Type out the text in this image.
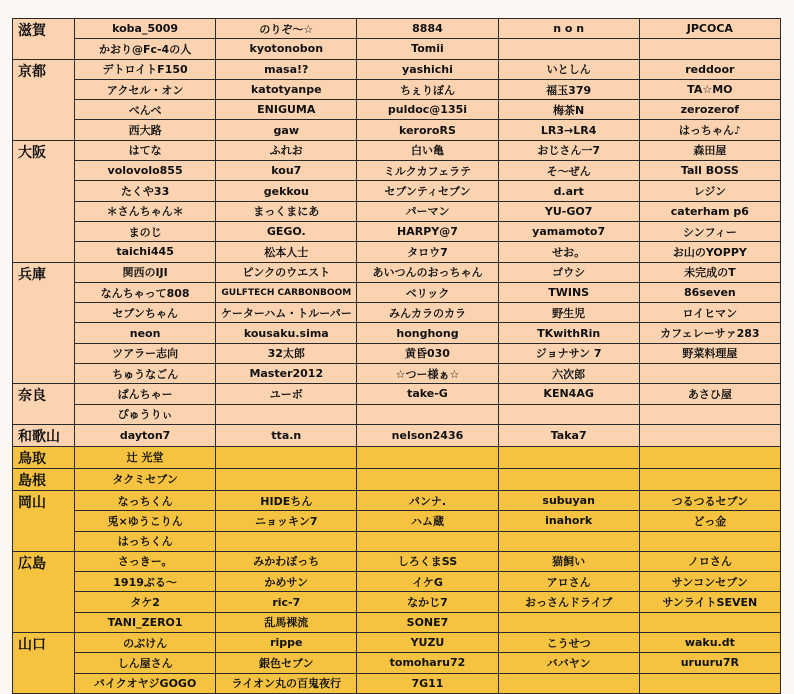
滋賀	koba_5009	のりぞ～☆	8884	n o n	JPCOCA
	かおり@Fc-4の人	kyotonobon	Tomii		
京都	デトロイトF150	masa!?	yashichi	いとしん	reddoor
	アクセル・オン	katotyanpe	ちぇりぼん	福玉379	TA☆MO
	べんべ	ENIGUMA	puldoc@135i	梅茶N	zerozerof
	西大路	gaw	keroroRS	LR3→LR4	はっちゃん♪
大阪	はてな	ふれお	白い亀	おじさん一7	森田屋
	volovolo855	kou7	ミルクカフェラテ	そ～ぜん	Tall BOSS
	たくや33	gekkou	セブンティセブン	d.art	レジン
	＊さんちゃん＊	まっくまにあ	パーマン	YU-GO7	caterham p6
	まのじ	GEGO.	HARPY@7	yamamoto7	シンフィー
	taichi445	松本人士	タロウ7	せお。	お山のYOPPY
兵庫	関西のIJI	ピンクのウエスト	あいつんのおっちゃん	ゴウシ	未完成のT
	なんちゃって808	GULFTECH CARBONBOOM	ベリック	TWINS	86seven
	セブンちゃん	ケーターハム・トルーパー	みんカラのカラ	野生児	ロイヒマン
	neon	kousaku.sima	honghong	TKwithRin	カフェレーサァ283
	ツアラー志向	32太郎	黄昏030	ジョナサン 7	野菜料理屋
	ちゅうなごん	Master2012	☆つー様ぁ☆	六次郎	
奈良	ぱんちゃー	ユーボ	take-G	KEN4AG	あさひ屋
	ぴゅうりぃ				
和歌山	dayton7	tta.n	nelson2436	Taka7	
鳥取	辻 光堂				
島根	タクミセブン				
岡山	なっちくん	HIDEちん	パンナ.	subuyan	つるつるセブン
	兎×ゆうこりん	ニョッキン7	ハム蔵	inahork	どっ金
	はっちくん				
広島	さっきー。	みかわぼっち	しろくまSS	猫飼い	ノロさん
	1919ぶる～	かめサン	イケG	アロさん	サンコンセブン
	タケ2	ric-7	なかじ7	おっさんドライブ	サンライトSEVEN
	TANI_ZERO1	乱馬裸流	SONE7		
山口	のぶけん	rippe	YUZU	こうせつ	waku.dt
	しん屋さん	銀色セブン	tomoharu72	ババヤン	uruuru7R
	バイクオヤジGOGO	ライオン丸の百鬼夜行	7G11		
